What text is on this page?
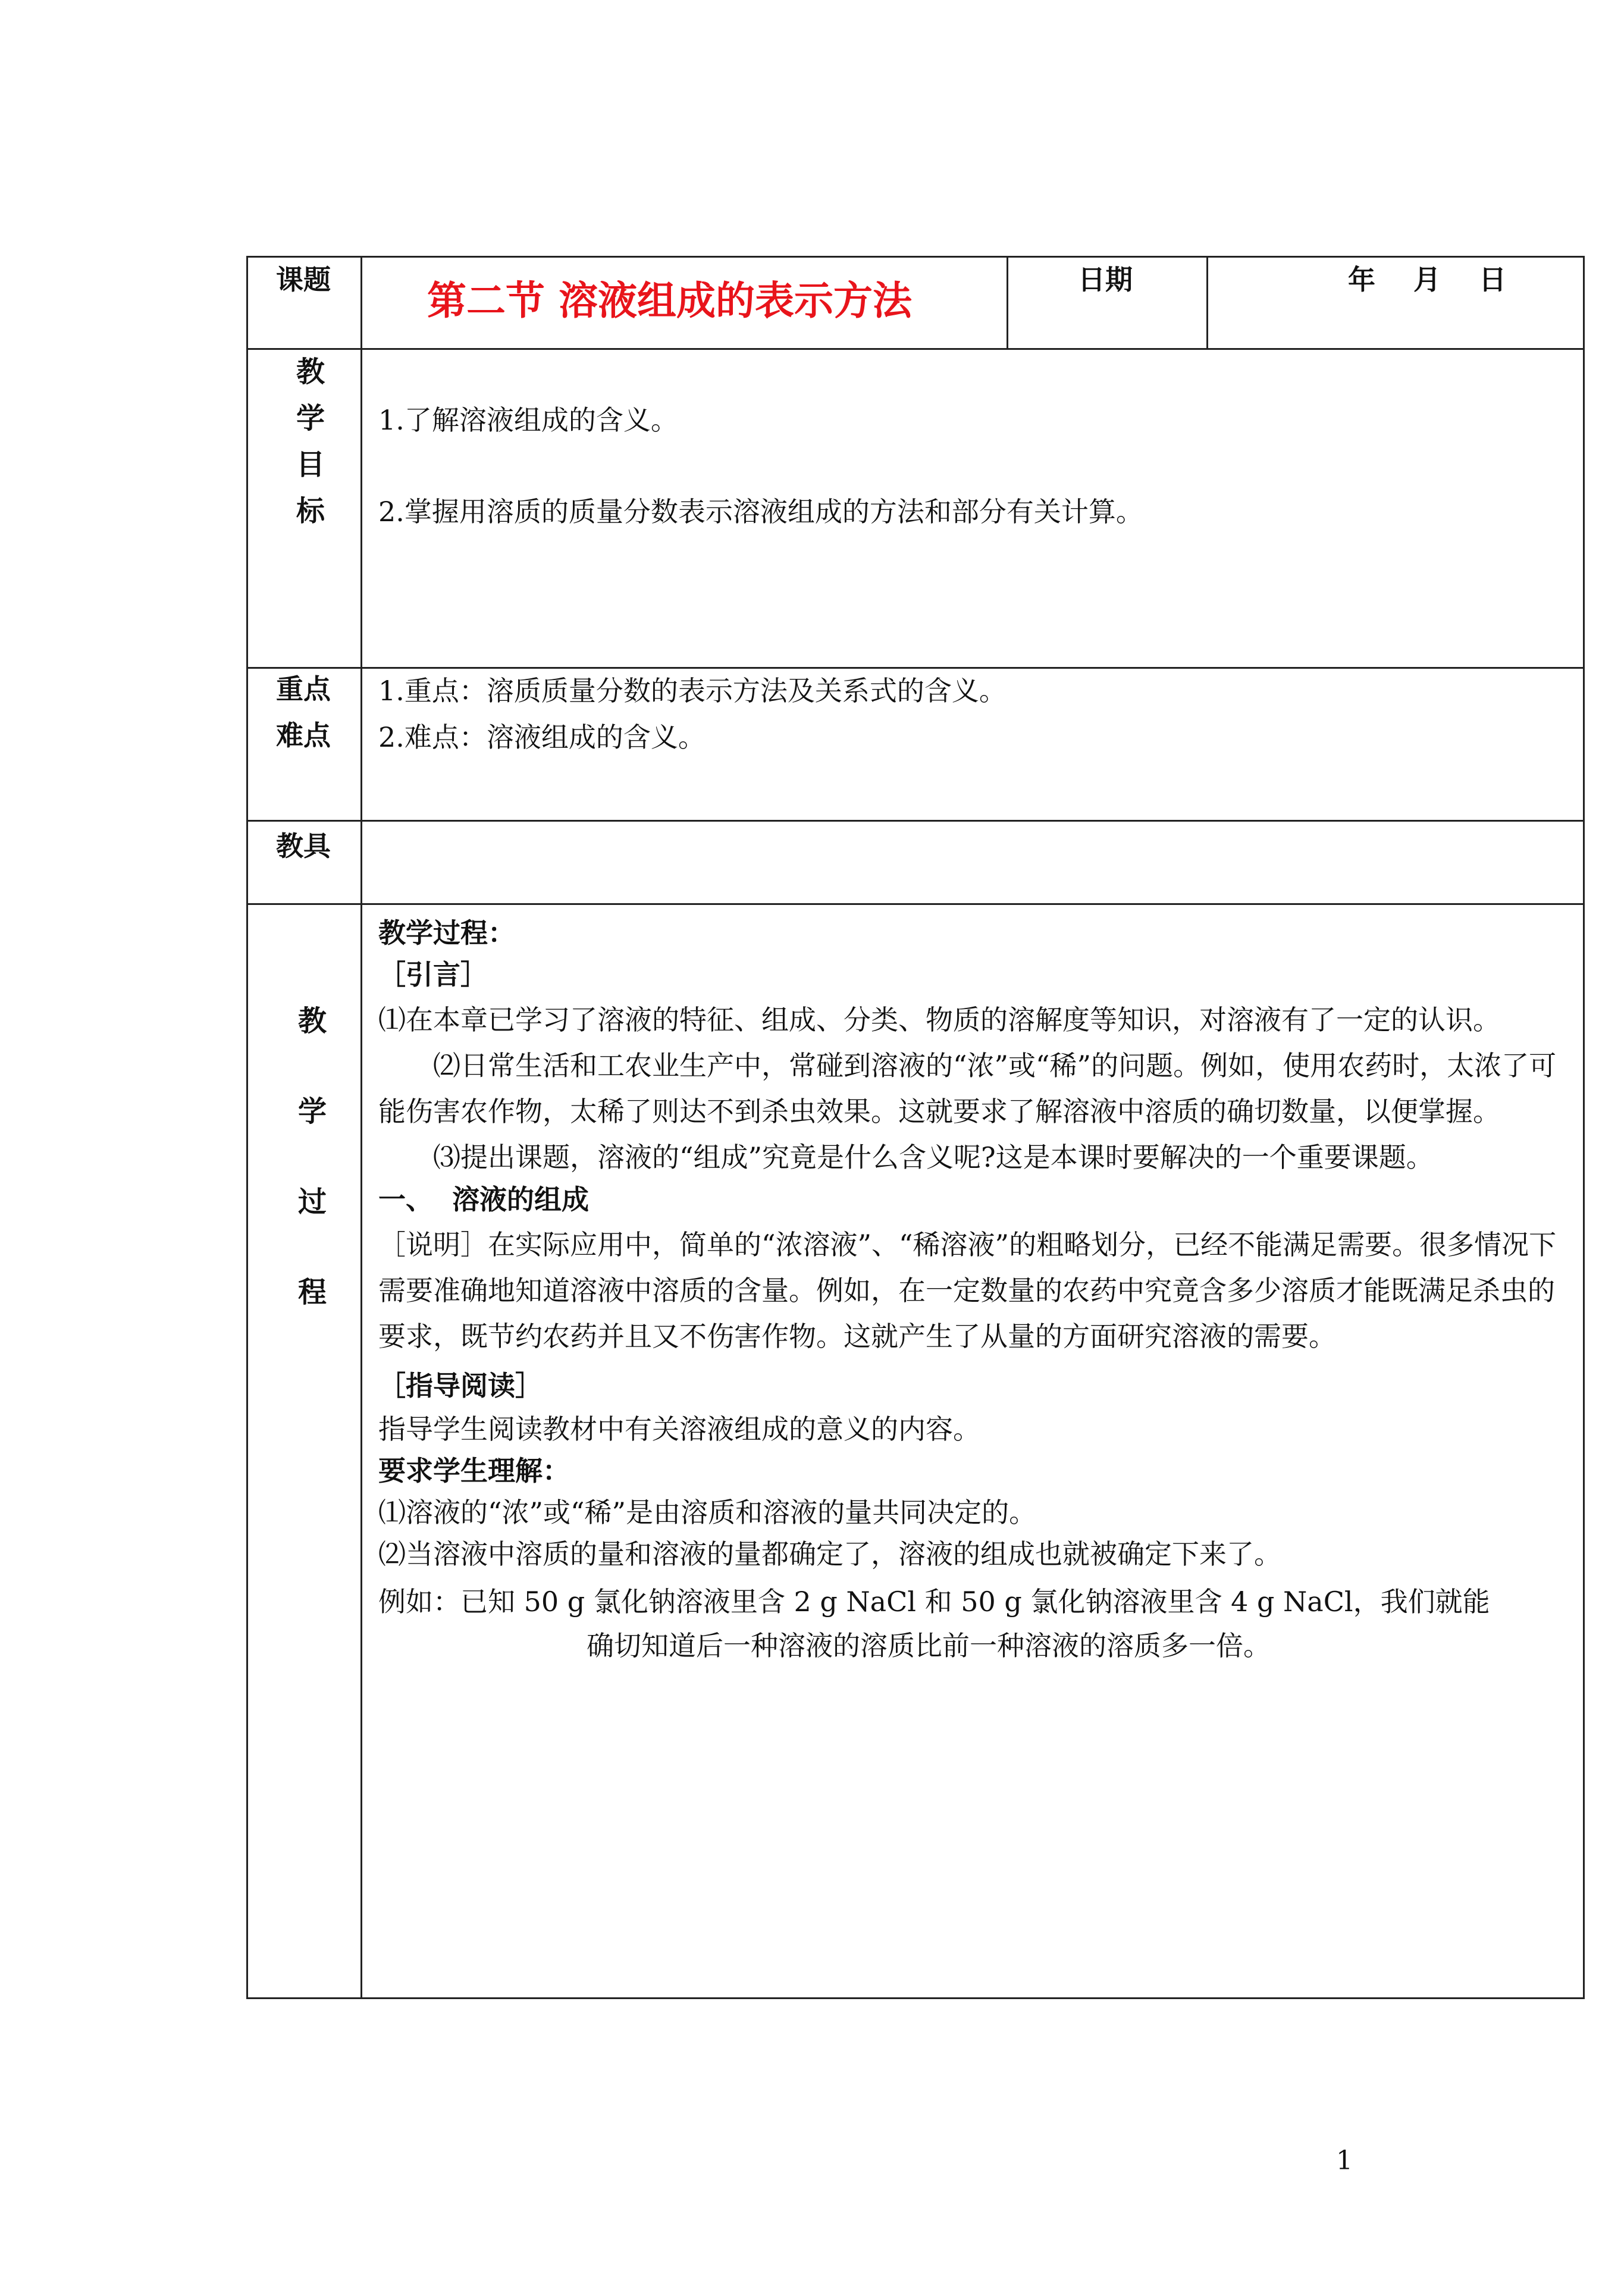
课题 第二节 溶液组成的表示方法	日期	年    月    日
教
学
目
标
1.了解溶液组成的含义。
2.掌握用溶质的质量分数表示溶液组成的方法和部分有关计算。
重点
难点
1.重点：溶质质量分数的表示方法及关系式的含义。
2.难点：溶液组成的含义。
教具
教
学
过
程
教学过程：
［引言］
⑴在本章已学习了溶液的特征、组成、分类、物质的溶解度等知识，对溶液有了一定的认识。
⑵日常生活和工农业生产中，常碰到溶液的“浓”或“稀”的问题。例如，使用农药时，太浓了可能伤害农作物，太稀了则达不到杀虫效果。这就要求了解溶液中溶质的确切数量，以便掌握。
⑶提出课题，溶液的“组成”究竟是什么含义呢?这是本课时要解决的一个重要课题。
一、  溶液的组成
［说明］在实际应用中，简单的“浓溶液”、“稀溶液”的粗略划分，已经不能满足需要。很多情况下需要准确地知道溶液中溶质的含量。例如，在一定数量的农药中究竟含多少溶质才能既满足杀虫的要求，既节约农药并且又不伤害作物。这就产生了从量的方面研究溶液的需要。
［指导阅读］
指导学生阅读教材中有关溶液组成的意义的内容。
要求学生理解：
⑴溶液的“浓”或“稀”是由溶质和溶液的量共同决定的。
⑵当溶液中溶质的量和溶液的量都确定了，溶液的组成也就被确定下来了。
例如：已知 50 g 氯化钠溶液里含 2 g NaCl 和 50 g 氯化钠溶液里含 4 g NaCl，我们就能
确切知道后一种溶液的溶质比前一种溶液的溶质多一倍。
1
